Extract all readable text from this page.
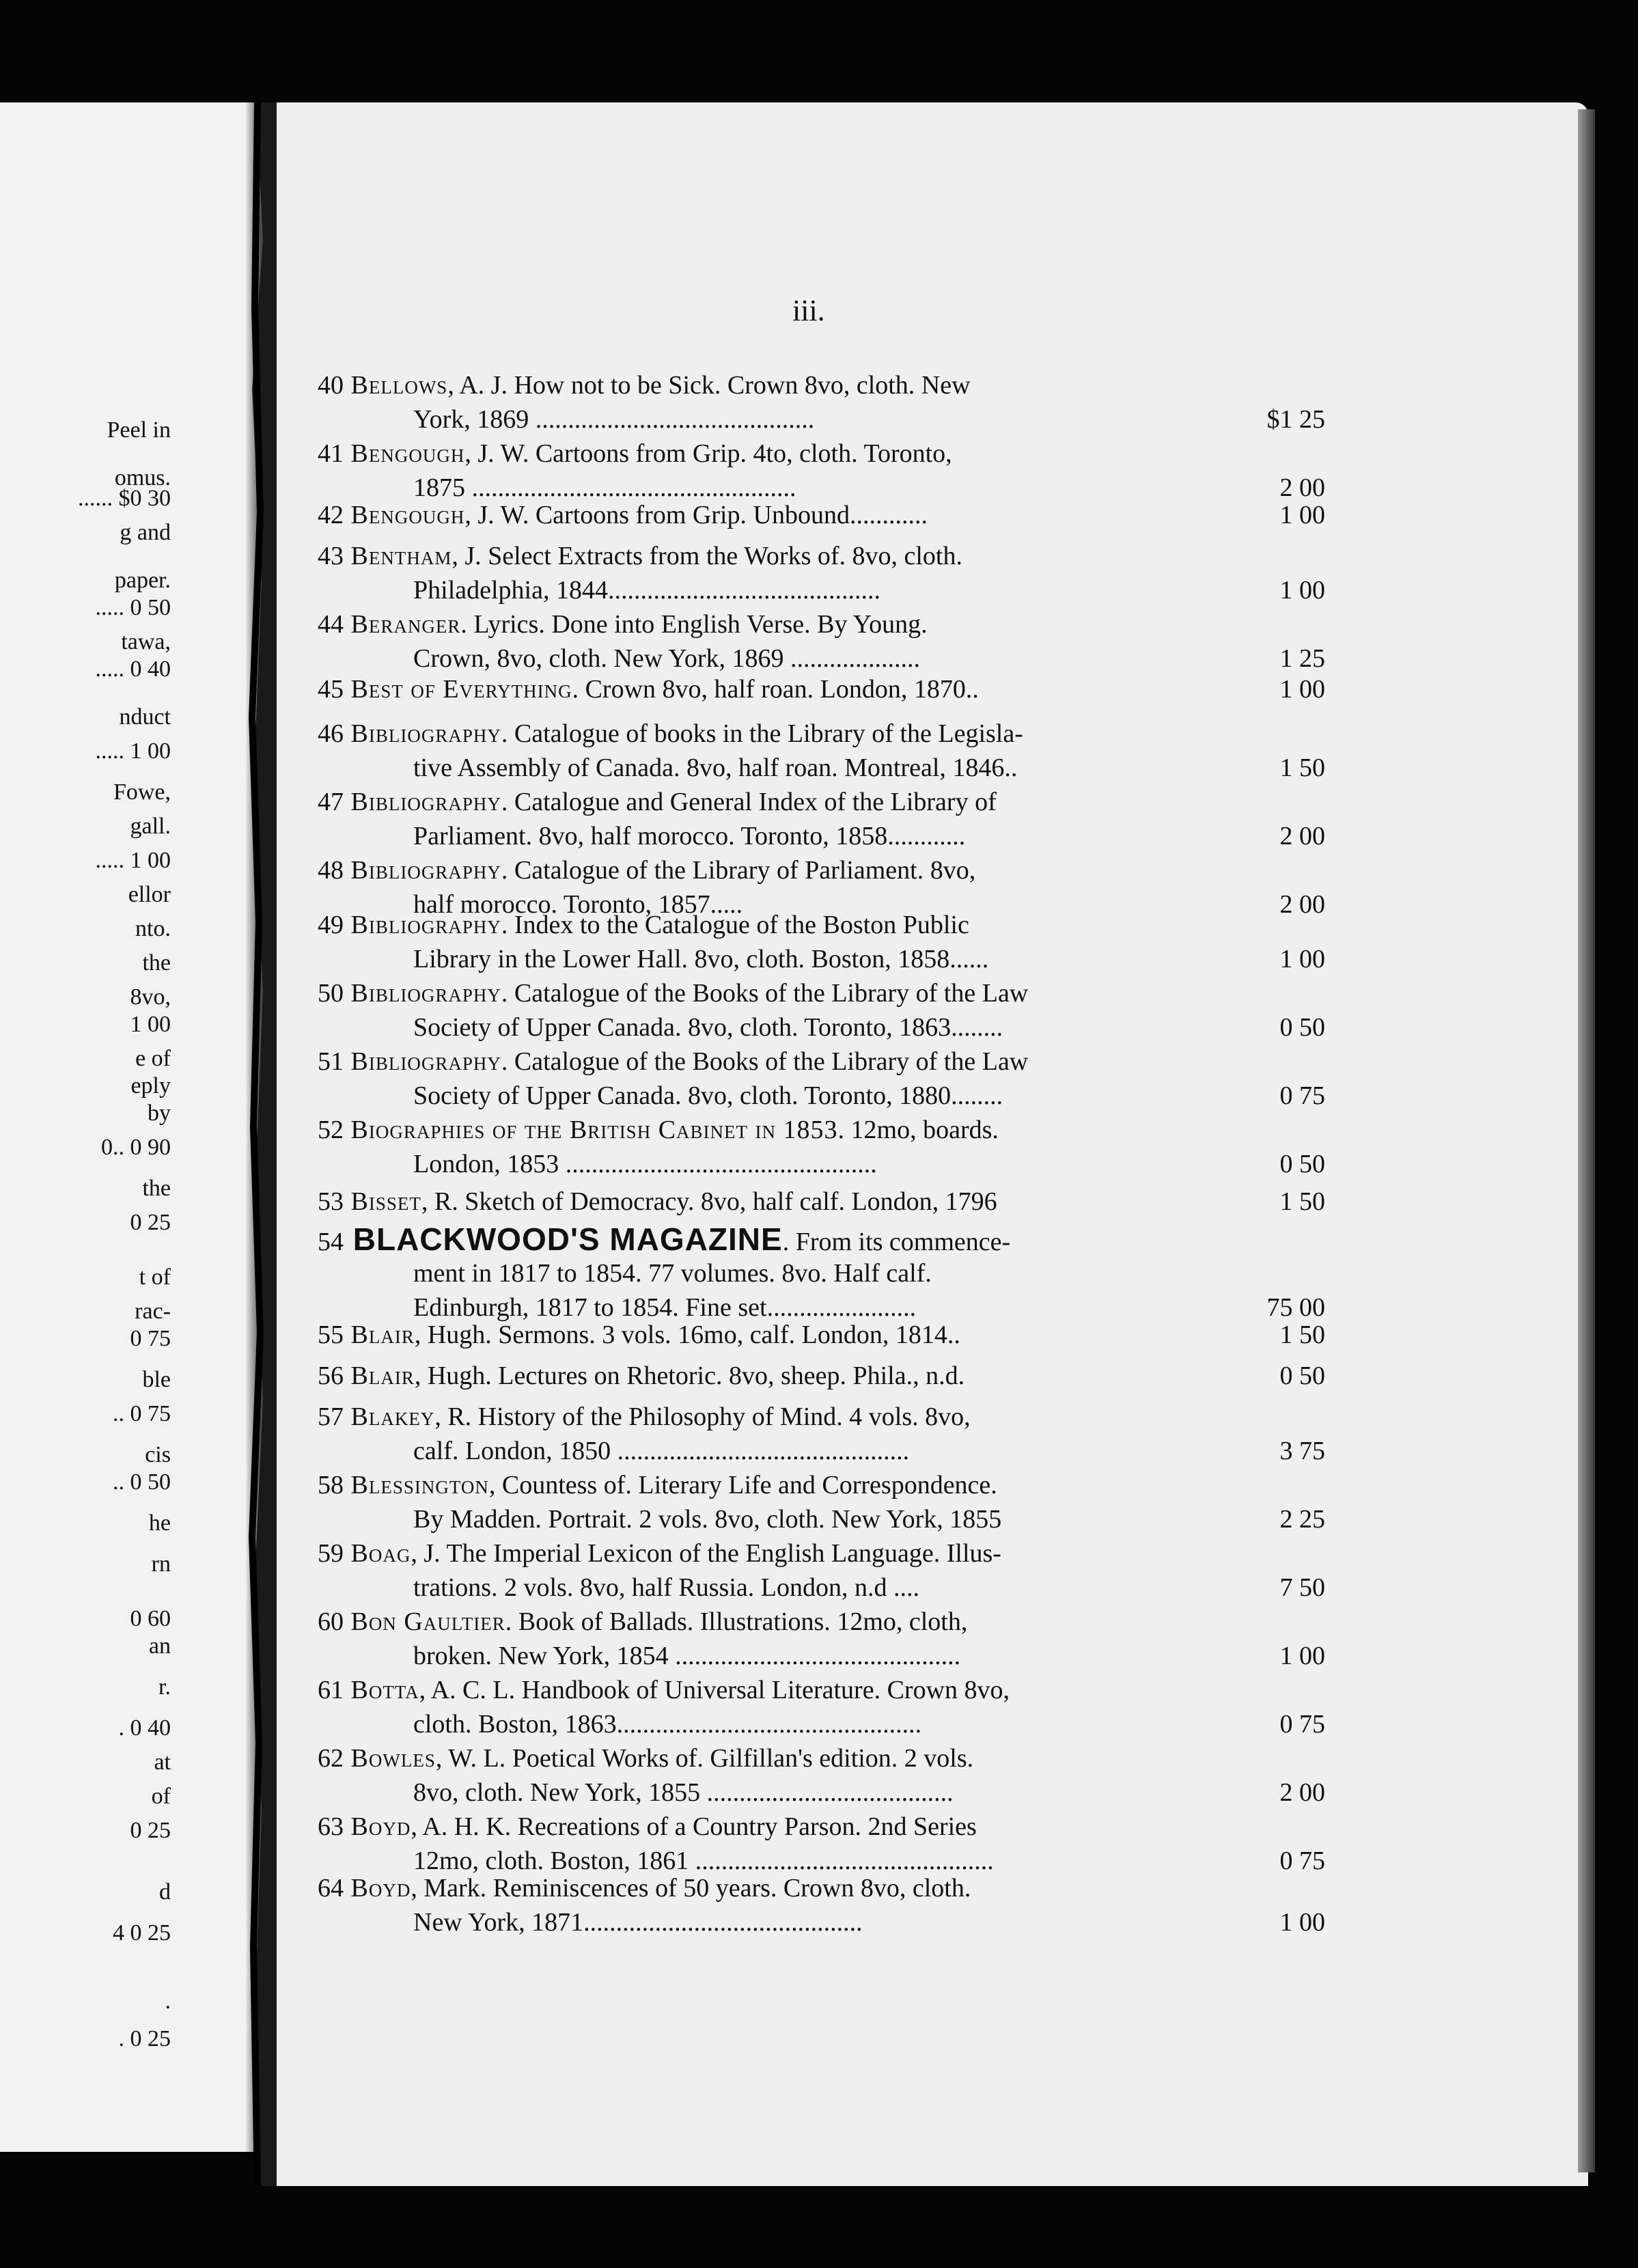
Peel in
omus.
...... $0 30
g and
paper.
..... 0 50
tawa,
..... 0 40
nduct
..... 1 00
Fowe,
gall.
..... 1 00
ellor
nto.
the
8vo,
1 00
e of
eply
by
0.. 0 90
the
0 25
t of
rac-
0 75
ble
.. 0 75
cis
.. 0 50
he
rn
0 60
an
r.
. 0 40
at
of
0 25
d
4 0 25
.
. 0 25
iii.
40 Bellows, A. J. How not to be Sick. Crown 8vo, cloth. New
York, 1869 ...........................................	$1 25
41 Bengough, J. W. Cartoons from Grip. 4to, cloth. Toronto,
1875 ..................................................	2 00
42 Bengough, J. W. Cartoons from Grip. Unbound............	1 00
43 Bentham, J. Select Extracts from the Works of. 8vo, cloth.
Philadelphia, 1844..........................................	1 00
44 Beranger. Lyrics. Done into English Verse. By Young.
Crown, 8vo, cloth. New York, 1869 ....................	1 25
45 Best of Everything. Crown 8vo, half roan. London, 1870..	1 00
46 Bibliography. Catalogue of books in the Library of the Legisla-
tive Assembly of Canada. 8vo, half roan. Montreal, 1846..	1 50
47 Bibliography. Catalogue and General Index of the Library of
Parliament. 8vo, half morocco. Toronto, 1858............	2 00
48 Bibliography. Catalogue of the Library of Parliament. 8vo,
half morocco. Toronto, 1857.....	2 00
49 Bibliography. Index to the Catalogue of the Boston Public
Library in the Lower Hall. 8vo, cloth. Boston, 1858......	1 00
50 Bibliography. Catalogue of the Books of the Library of the Law
Society of Upper Canada. 8vo, cloth. Toronto, 1863........	0 50
51 Bibliography. Catalogue of the Books of the Library of the Law
Society of Upper Canada. 8vo, cloth. Toronto, 1880........	0 75
52 Biographies of the British Cabinet in 1853. 12mo, boards.
London, 1853 ................................................	0 50
53 Bisset, R. Sketch of Democracy. 8vo, half calf. London, 1796	1 50
54 BLACKWOOD'S MAGAZINE. From its commence-
ment in 1817 to 1854. 77 volumes. 8vo. Half calf.
Edinburgh, 1817 to 1854. Fine set.......................	75 00
55 Blair, Hugh. Sermons. 3 vols. 16mo, calf. London, 1814..	1 50
56 Blair, Hugh. Lectures on Rhetoric. 8vo, sheep. Phila., n.d.	0 50
57 Blakey, R. History of the Philosophy of Mind. 4 vols. 8vo,
calf. London, 1850 .............................................	3 75
58 Blessington, Countess of. Literary Life and Correspondence.
By Madden. Portrait. 2 vols. 8vo, cloth. New York, 1855	2 25
59 Boag, J. The Imperial Lexicon of the English Language. Illus-
trations. 2 vols. 8vo, half Russia. London, n.d ....	7 50
60 Bon Gaultier. Book of Ballads. Illustrations. 12mo, cloth,
broken. New York, 1854 ............................................	1 00
61 Botta, A. C. L. Handbook of Universal Literature. Crown 8vo,
cloth. Boston, 1863...............................................	0 75
62 Bowles, W. L. Poetical Works of. Gilfillan's edition. 2 vols.
8vo, cloth. New York, 1855 ......................................	2 00
63 Boyd, A. H. K. Recreations of a Country Parson. 2nd Series
12mo, cloth. Boston, 1861 ..............................................	0 75
64 Boyd, Mark. Reminiscences of 50 years. Crown 8vo, cloth.
New York, 1871...........................................	1 00
